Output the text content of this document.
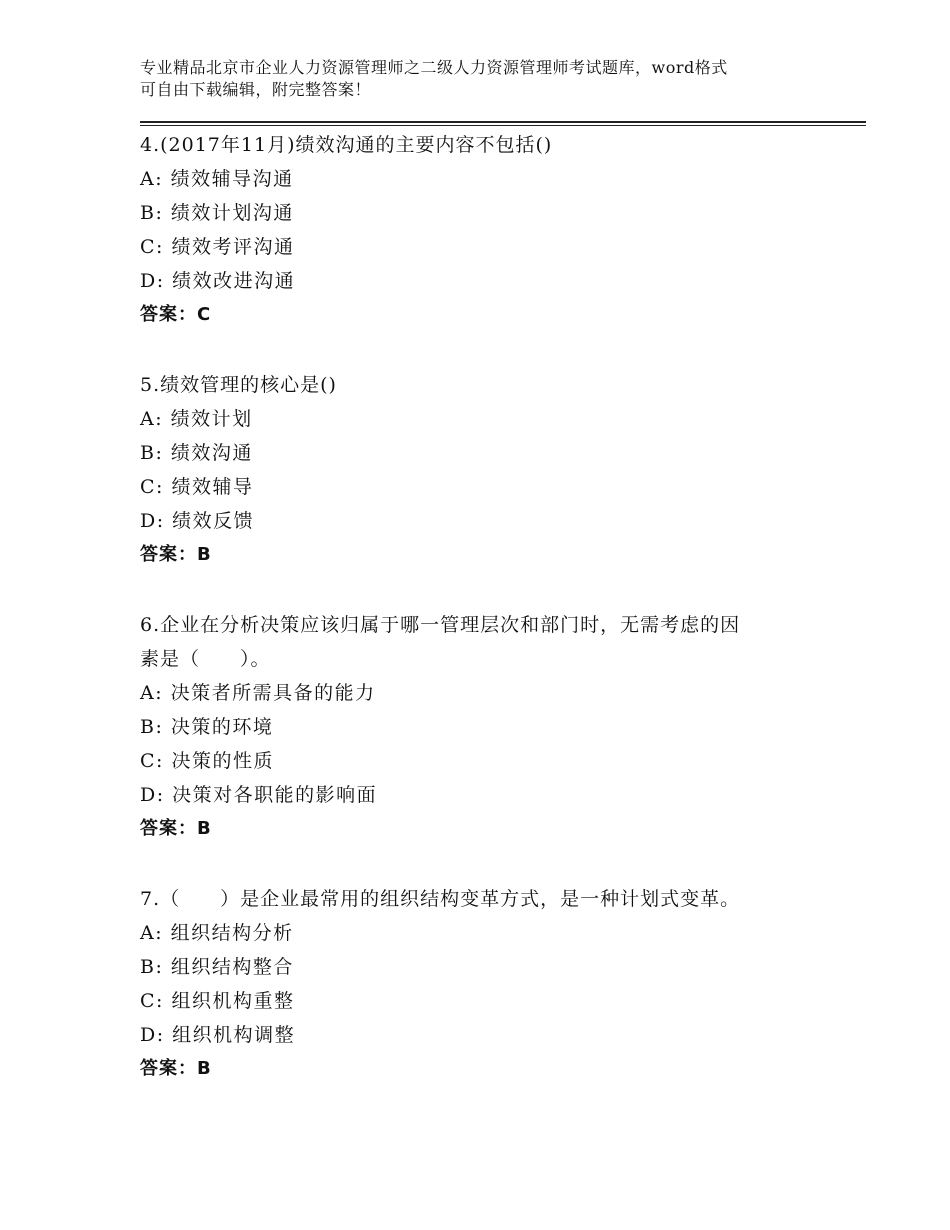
专业精品北京市企业人力资源管理师之二级人力资源管理师考试题库，word格式
可自由下载编辑，附完整答案！
4.(2017年11月)绩效沟通的主要内容不包括()
A: 绩效辅导沟通
B: 绩效计划沟通
C: 绩效考评沟通
D: 绩效改进沟通
答案：C
5.绩效管理的核心是()
A: 绩效计划
B: 绩效沟通
C: 绩效辅导
D: 绩效反馈
答案：B
6.企业在分析决策应该归属于哪一管理层次和部门时，无需考虑的因
素是（　　）。
A: 决策者所需具备的能力
B: 决策的环境
C: 决策的性质
D: 决策对各职能的影响面
答案：B
7.（　　）是企业最常用的组织结构变革方式，是一种计划式变革。
A: 组织结构分析
B: 组织结构整合
C: 组织机构重整
D: 组织机构调整
答案：B
